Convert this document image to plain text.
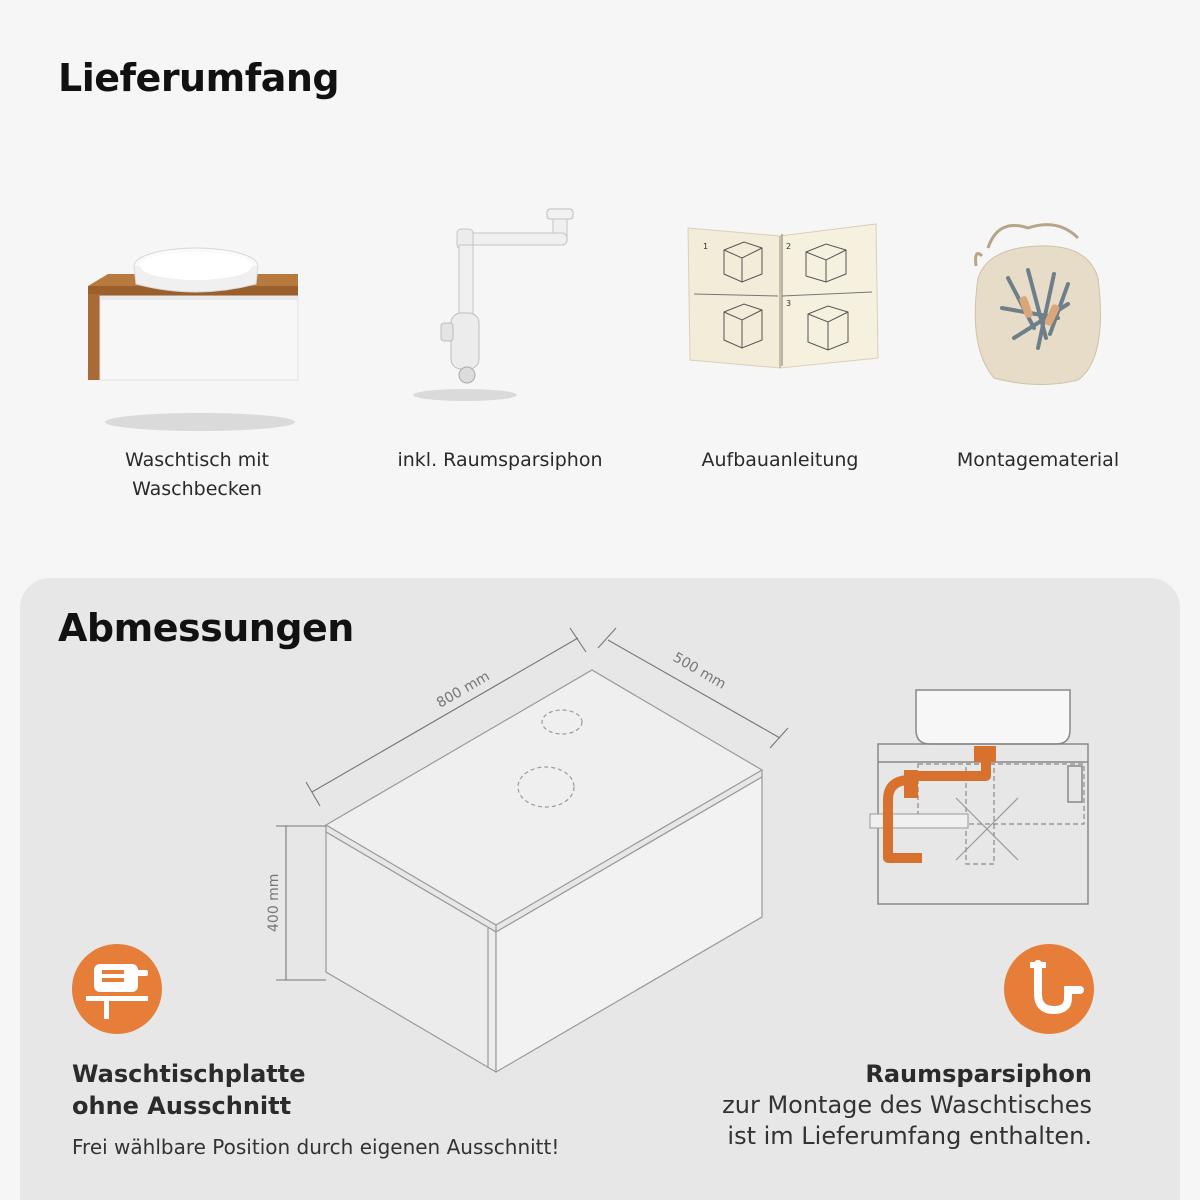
Lieferumfang
Waschtisch mit
Waschbecken
inkl. Raumsparsiphon
1	2
3
Aufbauanleitung	Montagematerial
Abmessungen
800 mm	500 mm
400 mm
Waschtischplatte
ohne Ausschnitt
Frei wählbare Position durch eigenen Ausschnitt!
Raumsparsiphon
zur Montage des Waschtisches
ist im Lieferumfang enthalten.
